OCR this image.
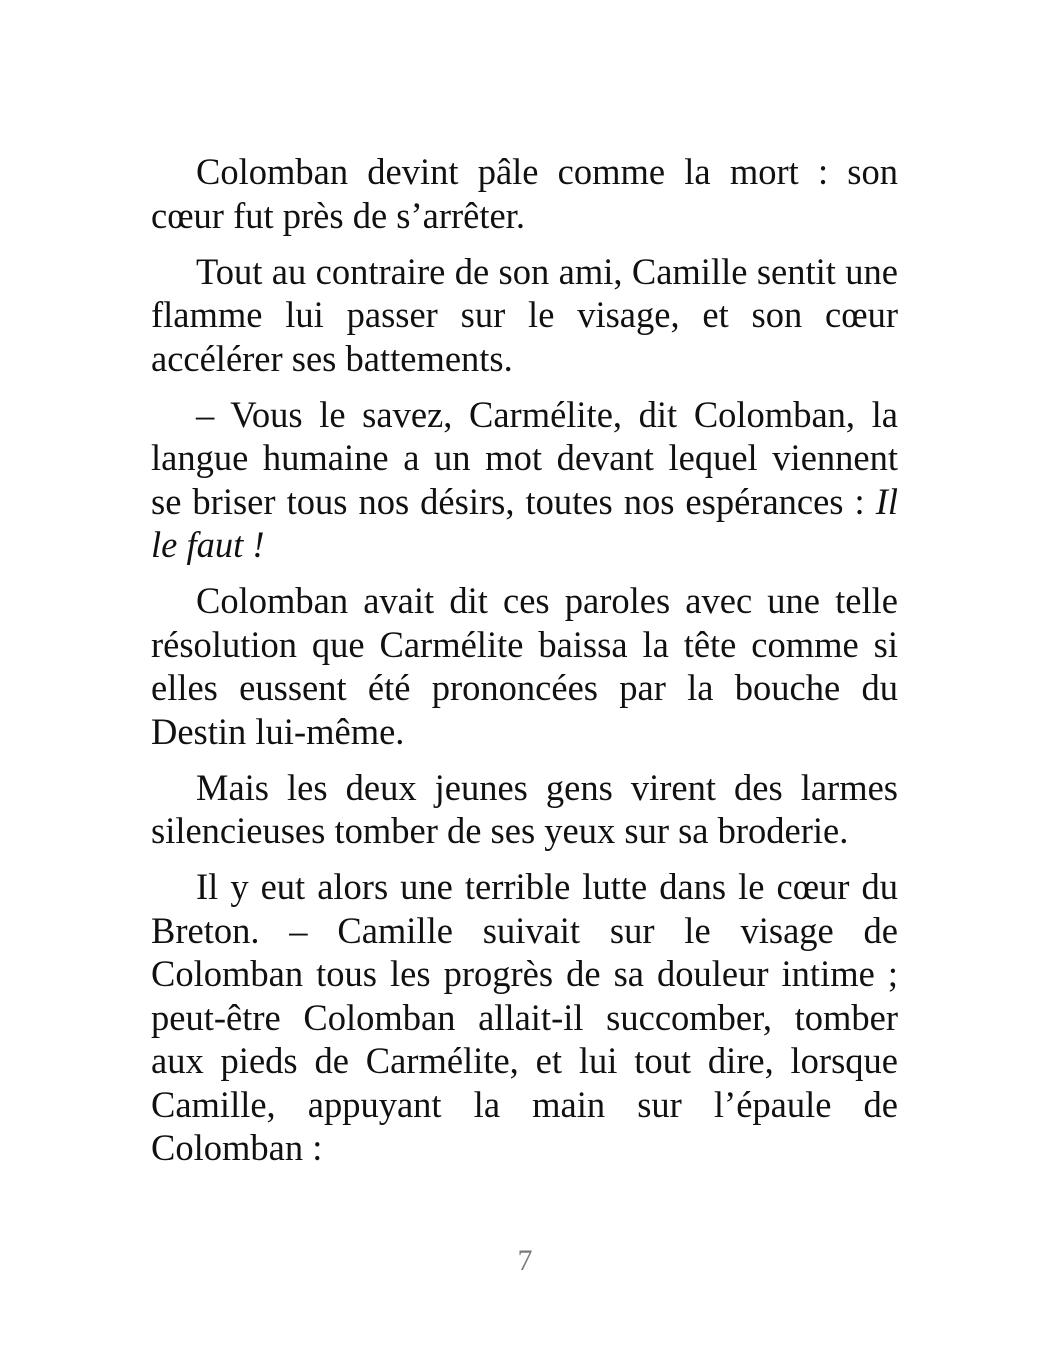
Colomban devint pâle comme la mort : son cœur fut près de s’arrêter.

Tout au contraire de son ami, Camille sentit une flamme lui passer sur le visage, et son cœur accélérer ses battements.

– Vous le savez, Carmélite, dit Colomban, la langue humaine a un mot devant lequel viennent se briser tous nos désirs, toutes nos espérances : Il le faut !

Colomban avait dit ces paroles avec une telle résolution que Carmélite baissa la tête comme si elles eussent été prononcées par la bouche du Destin lui-même.

Mais les deux jeunes gens virent des larmes silencieuses tomber de ses yeux sur sa broderie.

Il y eut alors une terrible lutte dans le cœur du Breton. – Camille suivait sur le visage de Colomban tous les progrès de sa douleur intime ; peut-être Colomban allait-il succomber, tomber aux pieds de Carmélite, et lui tout dire, lorsque Camille, appuyant la main sur l’épaule de Colomban :

7
